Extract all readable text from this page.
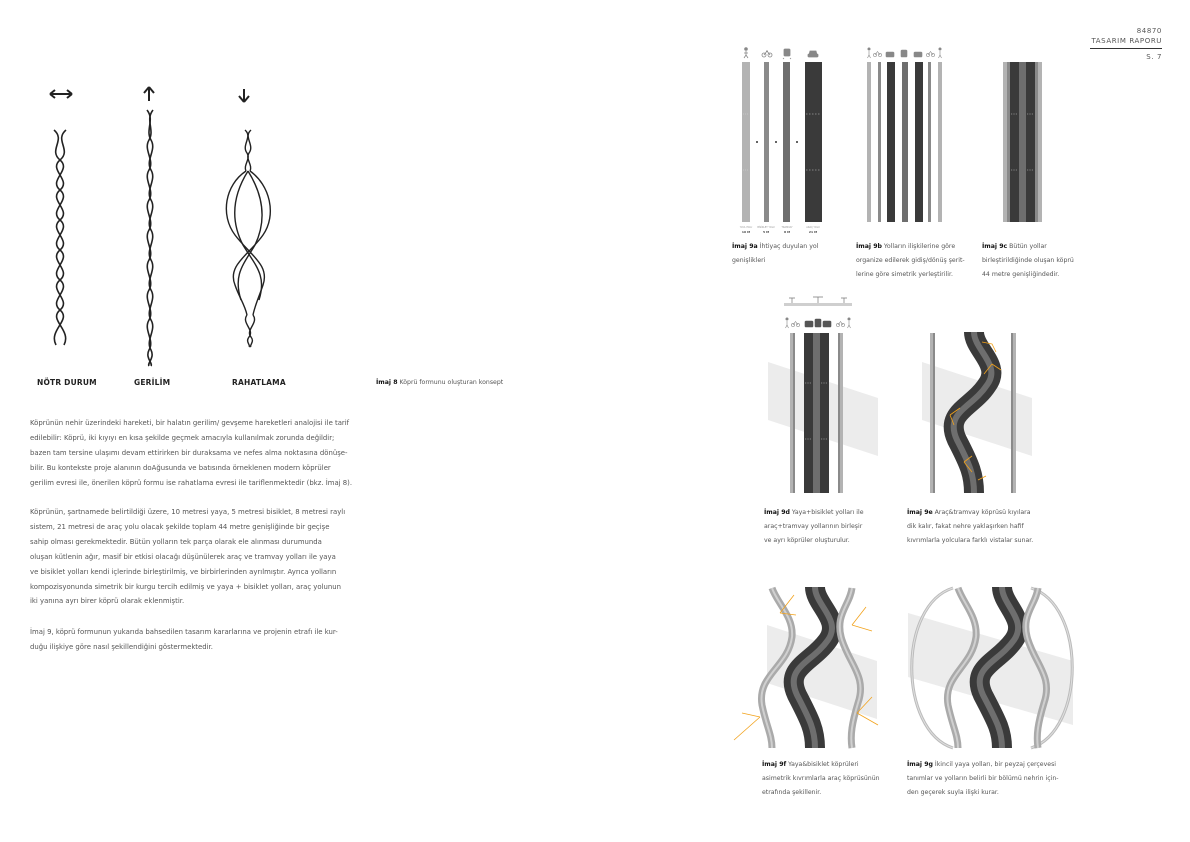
84870
TASARIM RAPORU
S. 7
NÖTR DURUM	GERİLİM	RAHATLAMA	İmaj 8 Köprü formunu oluşturan konsept

Köprünün nehir üzerindeki hareketi, bir halatın gerilim/ gevşeme hareketleri analojisi ile tarif
edilebilir: Köprü, iki kıyıyı en kısa şekilde geçmek amacıyla kullanılmak zorunda değildir;
bazen tam tersine ulaşımı devam ettirirken bir duraksama ve nefes alma noktasına dönüşe-
bilir. Bu kontekste proje alanının doAğusunda ve batısında örneklenen modern köprüler
gerilim evresi ile, önerilen köprü formu ise rahatlama evresi ile tariflenmektedir (bkz. İmaj 8).

Köprünün, şartnamede belirtildiği üzere, 10 metresi yaya, 5 metresi bisiklet, 8 metresi raylı
sistem, 21 metresi de araç yolu olacak şekilde toplam 44 metre genişliğinde bir geçişe
sahip olması gerekmektedir. Bütün yolların tek parça olarak ele alınması durumunda
oluşan kütlenin ağır, masif bir etkisi olacağı düşünülerek araç ve tramvay yolları ile yaya
ve bisiklet yolları kendi içlerinde birleştirilmiş, ve birbirlerinden ayrılmıştır. Ayrıca yolların
kompozisyonunda simetrik bir kurgu tercih edilmiş ve yaya + bisiklet yolları, araç yolunun
iki yanına ayrı birer köprü olarak eklenmiştir.

İmaj 9, köprü formunun yukarıda bahsedilen tasarım kararlarına ve projenin etrafı ile kur-
duğu ilişkiye göre nasıl şekillendiğini göstermektedir.

YAYA YOLU BİSİKLET YOLU	TRAMVAY	ARAÇ YOLU
10 M	5 M	8 M	21 M
İmaj 9a İhtiyaç duyulan yol
genişlikleri
İmaj 9b Yolların ilişkilerine göre
organize edilerek gidiş/dönüş şerit-
lerine göre simetrik yerleştirilir.
İmaj 9c Bütün yollar
birleştirildiğinde oluşan köprü
44 metre genişliğindedir.
İmaj 9d Yaya+bisiklet yolları ile
araç+tramvay yollarının birleşir
ve ayrı köprüler oluşturulur.
İmaj 9e Araç&tramvay köprüsü kıyılara
dik kalır, fakat nehre yaklaşırken hafif
kıvrımlarla yolculara farklı vistalar sunar.
İmaj 9f Yaya&bisiklet köprüleri
asimetrik kıvrımlarla araç köprüsünün
etrafında şekillenir.
İmaj 9g İkincil yaya yolları, bir peyzaj çerçevesi
tanımlar ve yolların belirli bir bölümü nehrin için-
den geçerek suyla ilişki kurar.
